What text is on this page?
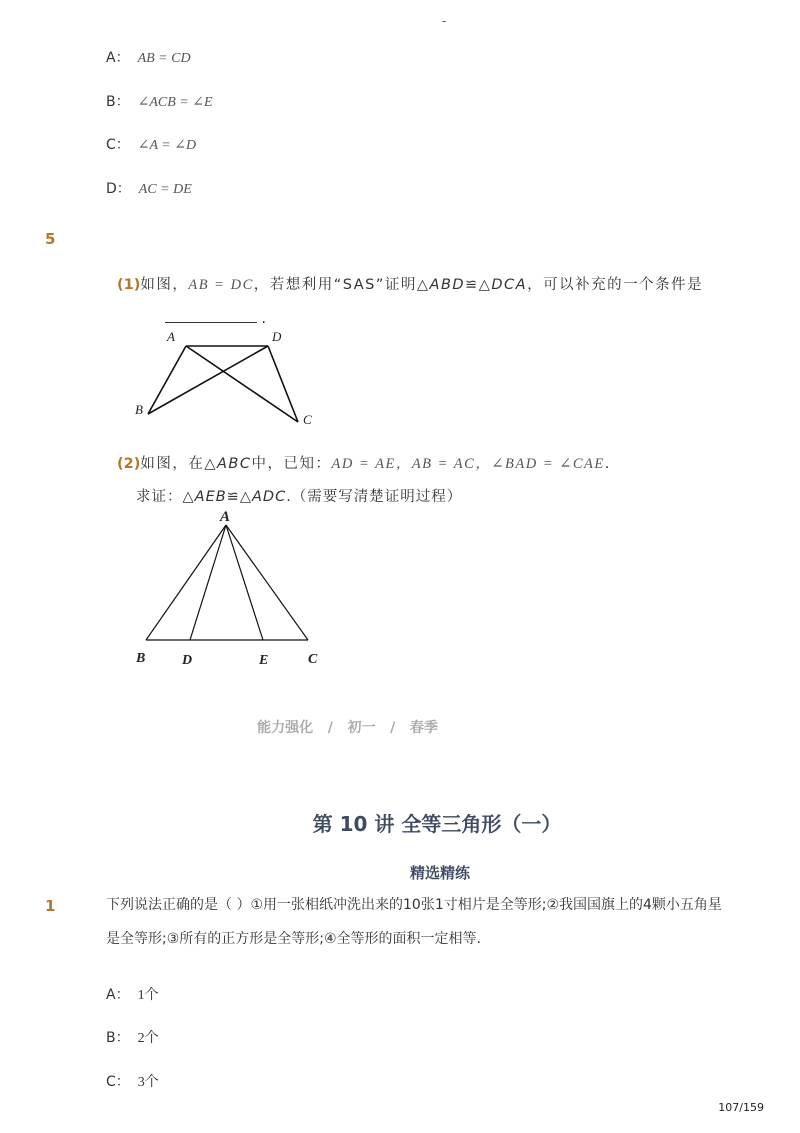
-
A： AB = CD
B： ∠ACB = ∠E
C： ∠A = ∠D
D： AC = DE
5
(1)如图，AB = DC，若想利用“SAS”证明△ABD≌△DCA，可以补充的一个条件是
.
A	D
B
C
(2)如图，在△ABC中，已知：AD = AE，AB = AC，∠BAD = ∠CAE.
求证：△AEB≌△ADC.（需要写清楚证明过程）
A
B	D	E	C
能力强化 / 初一 / 春季
第 10 讲 全等三角形（一）
精选精练
1	下列说法正确的是（ ）①用一张相纸冲洗出来的10张1寸相片是全等形;②我国国旗上的4颗小五角星是全等形;③所有的正方形是全等形;④全等形的面积一定相等.
A： 1个
B： 2个
C： 3个
107/159
